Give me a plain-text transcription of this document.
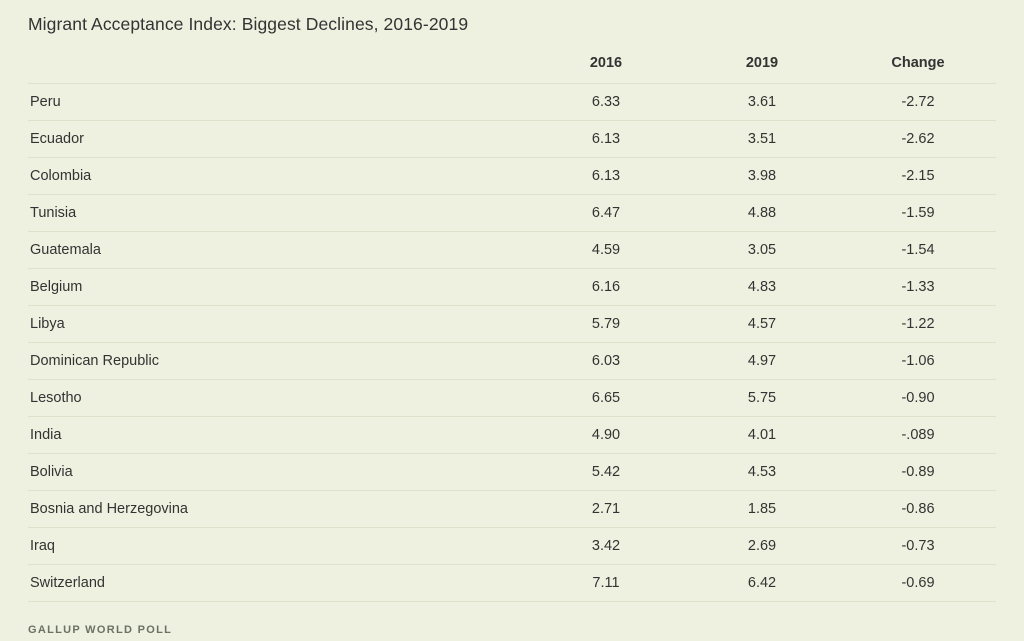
Migrant Acceptance Index: Biggest Declines, 2016-2019
	2016	2019	Change
Peru	6.33	3.61	-2.72
Ecuador	6.13	3.51	-2.62
Colombia	6.13	3.98	-2.15
Tunisia	6.47	4.88	-1.59
Guatemala	4.59	3.05	-1.54
Belgium	6.16	4.83	-1.33
Libya	5.79	4.57	-1.22
Dominican Republic	6.03	4.97	-1.06
Lesotho	6.65	5.75	-0.90
India	4.90	4.01	-.089
Bolivia	5.42	4.53	-0.89
Bosnia and Herzegovina	2.71	1.85	-0.86
Iraq	3.42	2.69	-0.73
Switzerland	7.11	6.42	-0.69
GALLUP WORLD POLL
